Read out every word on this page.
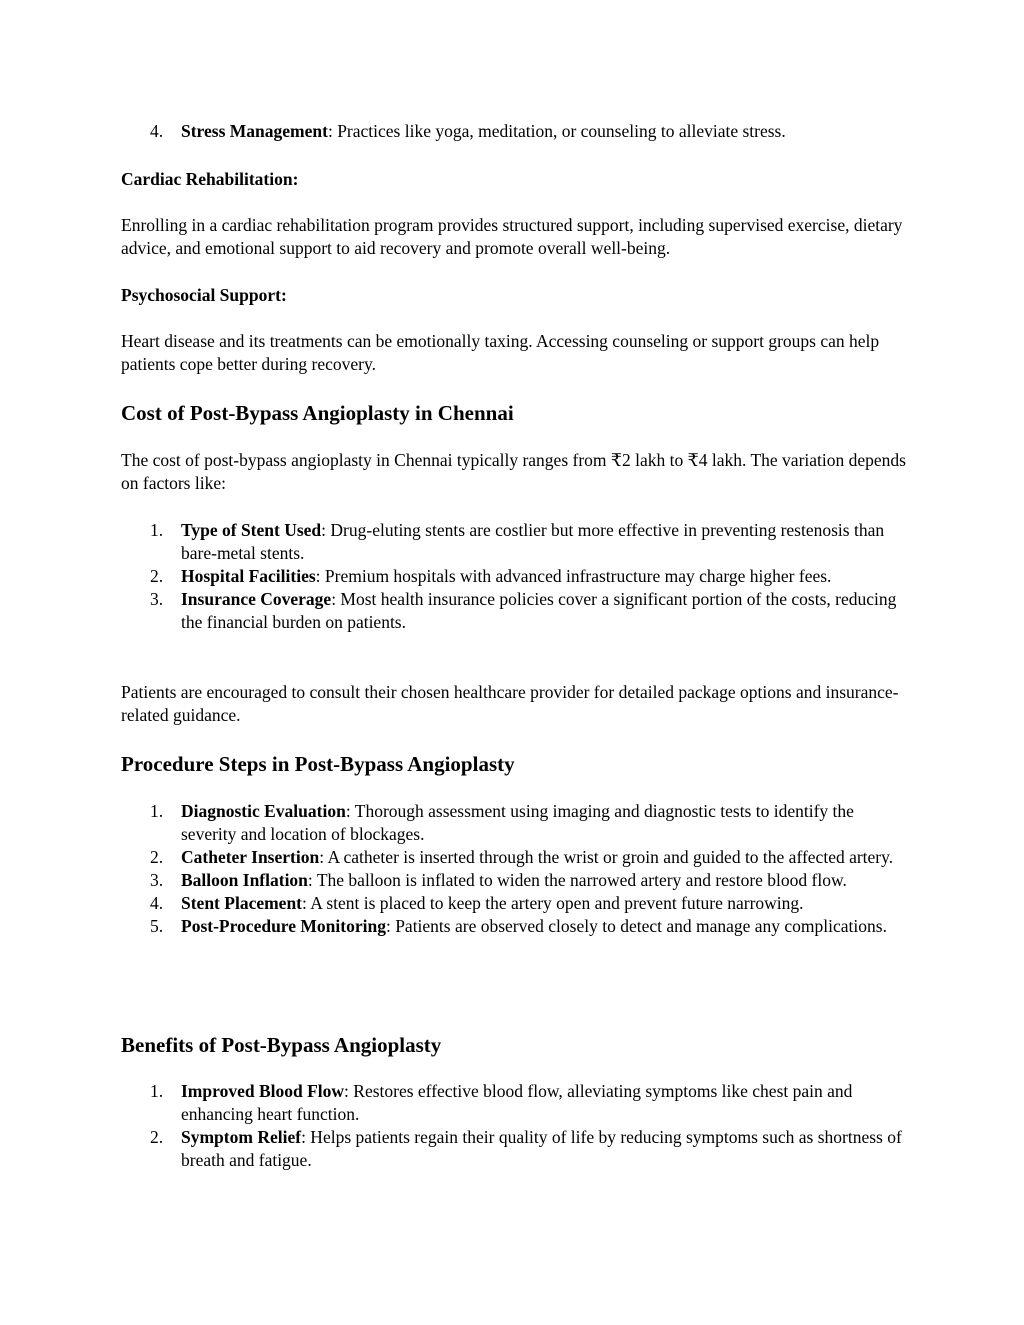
4. Stress Management: Practices like yoga, meditation, or counseling to alleviate stress.

Cardiac Rehabilitation:

Enrolling in a cardiac rehabilitation program provides structured support, including supervised exercise, dietary advice, and emotional support to aid recovery and promote overall well-being.

Psychosocial Support:

Heart disease and its treatments can be emotionally taxing. Accessing counseling or support groups can help patients cope better during recovery.

Cost of Post-Bypass Angioplasty in Chennai

The cost of post-bypass angioplasty in Chennai typically ranges from ₹2 lakh to ₹4 lakh. The variation depends on factors like:

1. Type of Stent Used: Drug-eluting stents are costlier but more effective in preventing restenosis than bare-metal stents.
2. Hospital Facilities: Premium hospitals with advanced infrastructure may charge higher fees.
3. Insurance Coverage: Most health insurance policies cover a significant portion of the costs, reducing the financial burden on patients.

Patients are encouraged to consult their chosen healthcare provider for detailed package options and insurance-related guidance.

Procedure Steps in Post-Bypass Angioplasty
1. Diagnostic Evaluation: Thorough assessment using imaging and diagnostic tests to identify the severity and location of blockages.
2. Catheter Insertion: A catheter is inserted through the wrist or groin and guided to the affected artery.
3. Balloon Inflation: The balloon is inflated to widen the narrowed artery and restore blood flow.
4. Stent Placement: A stent is placed to keep the artery open and prevent future narrowing.
5. Post-Procedure Monitoring: Patients are observed closely to detect and manage any complications.
Benefits of Post-Bypass Angioplasty
1. Improved Blood Flow: Restores effective blood flow, alleviating symptoms like chest pain and enhancing heart function.
2. Symptom Relief: Helps patients regain their quality of life by reducing symptoms such as shortness of breath and fatigue.
